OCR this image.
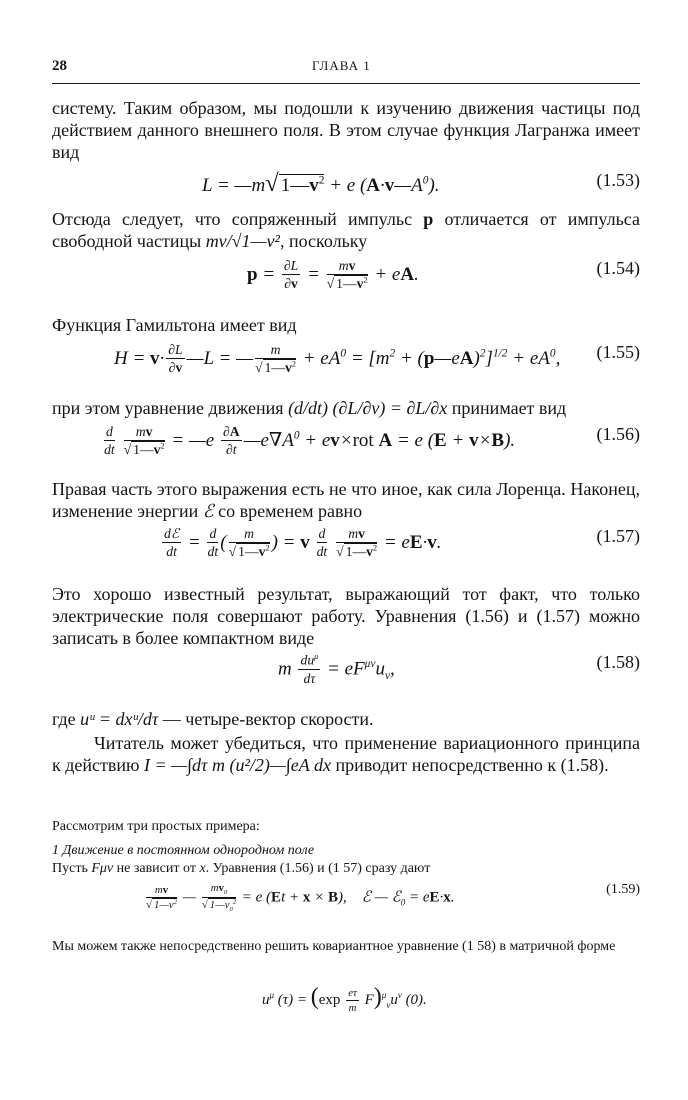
28	ГЛАВА 1

систему. Таким образом, мы подошли к изучению движения частицы под действием данного внешнего поля. В этом случае функция Лагранжа имеет вид

L = —m√ $1—v^2 + e$ $(A\cdot v—A^0)$.	(1.53)

Отсюда следует, что сопряженный импульс p отличается от импульса свободной частицы mv/√1—v², поскольку

$p = \frac{\partial L}{\partial v} = \frac{mv}{√ 1—v^2}$ + eA.	(1.54)

Функция Гамильтона имеет вид

$H = v\cdot \frac{\partial L}{\partial v}$ —L = — $\frac{m}{√ 1—v^2} + eA^0 = [m^2$ + (p—eA)$^2$]$^{1/2}$ + $eA^0$, (1.55)

при этом уравнение движения (d/dt) (∂L/∂v) = ∂L/∂x принимает вид

$\frac{d}{dt}$
$\frac{mv}{√ 1—v^2}$ = —e $\frac{\partial A}{\partial t}$ $—e\nabla A^0 + ev\times rot$ A = e (E + v×B).	(1.56)

Правая часть этого выражения есть не что иное, как сила Лоренца. Наконец, изменение энергии ℰ со временем равно

$\frac{\text{dℰ}}{dt} = \frac{d}{dt}$ ( $\frac{m}{√ 1—v^2}$ ) = v $\frac{d}{dt}$
$\frac{mv}{√ 1—v^2} = eE\cdot v$.	(1.57)

Это хорошо известный результат, выражающий тот факт, что только электрические поля совершают работу. Уравнения (1.56) и (1.57) можно записать в более компактном виде

m $\frac{du^\mu}{d\tau} = eF^{\mu\nu}u_\nu$,	(1.58)

где uᵘ = dxᵘ/dτ — четыре-вектор скорости.

Читатель может убедиться, что применение вариационного принципа к действию I = —∫dτ m (u²/2)—∫eA dx приводит непосредственно к (1.58).

Рассмотрим три простых примера:

1 Движение в постоянном однородном поле

Пусть Fμν не зависит от x. Уравнения (1.56) и (1 57) сразу дают

$\frac{mv}{√ 1—v^2}$ — $\frac{mv_0}{√ 1—v_0^2} = e$ (Et + x × B),    ℰ — ℰ$_0$ = eE·x.
(1.59)

Мы можем также непосредственно решить ковариантное уравнение (1 58) в матричной форме

$u^\mu$ $(\tau) = (\exp \frac{e\tau}{m} F)^\mu_\nu u^\nu$ (0).
